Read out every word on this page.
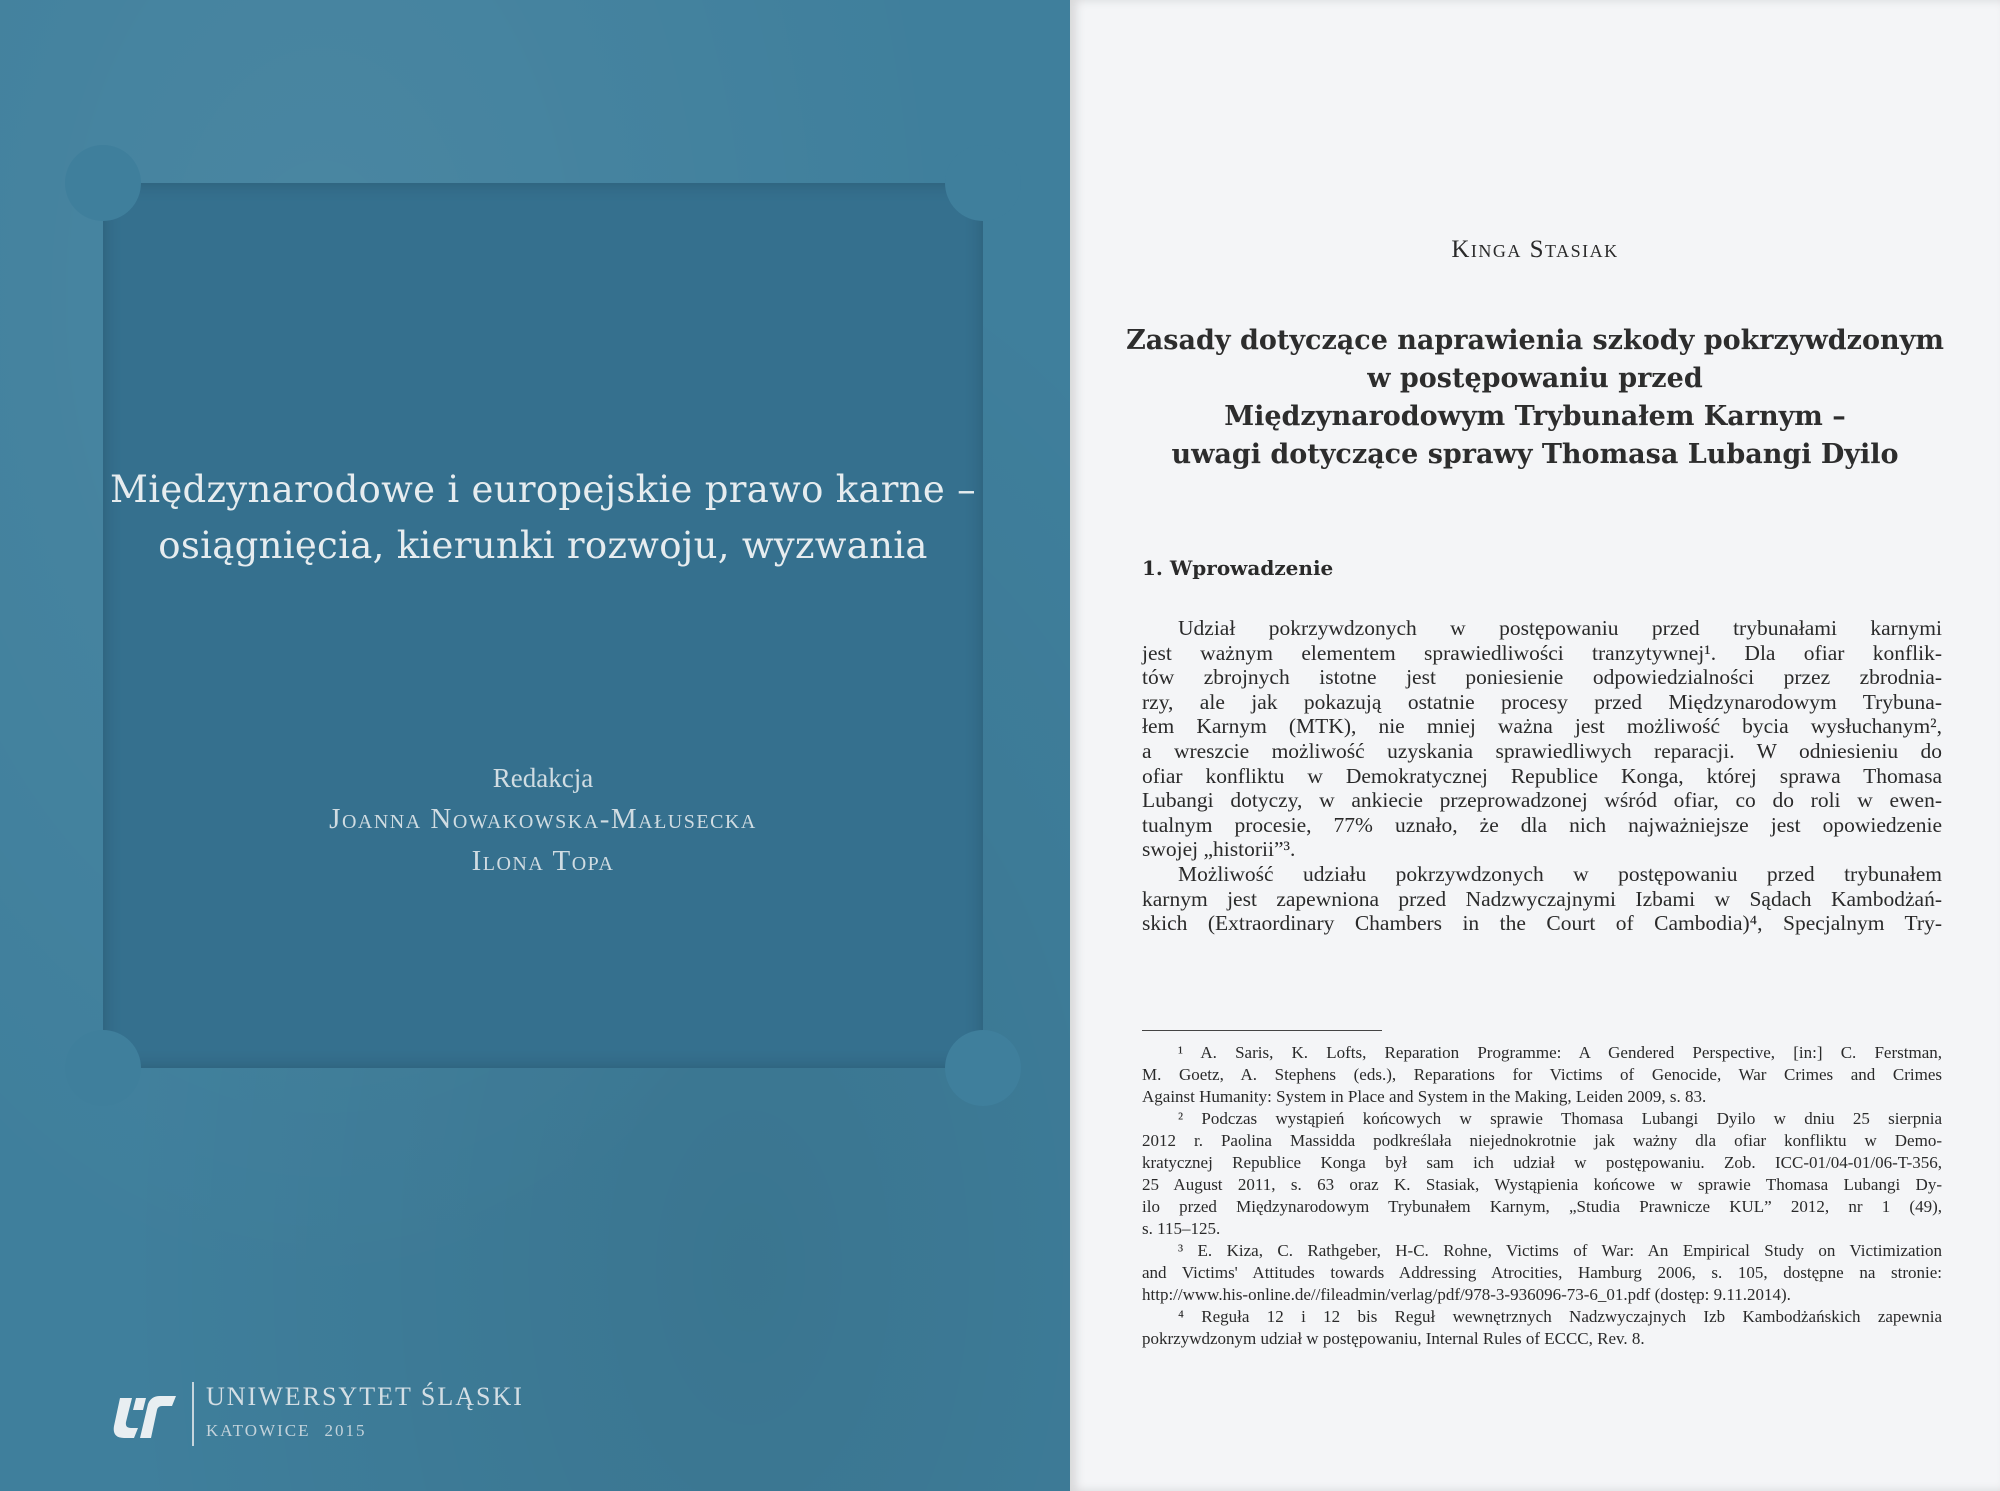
Międzynarodowe i europejskie prawo karne –
osiągnięcia, kierunki rozwoju, wyzwania
Redakcja
Joanna Nowakowska-Małusecka
Ilona Topa
UNIWERSYTET ŚLĄSKI
KATOWICE 2015
Kinga Stasiak
Zasady dotyczące naprawienia szkody pokrzywdzonym
w postępowaniu przed
Międzynarodowym Trybunałem Karnym –
uwagi dotyczące sprawy Thomasa Lubangi Dyilo
1. Wprowadzenie
Udział pokrzywdzonych w postępowaniu przed trybunałami karnymi
jest ważnym elementem sprawiedliwości tranzytywnej¹. Dla ofiar konflik-
tów zbrojnych istotne jest poniesienie odpowiedzialności przez zbrodnia-
rzy, ale jak pokazują ostatnie procesy przed Międzynarodowym Trybuna-
łem Karnym (MTK), nie mniej ważna jest możliwość bycia wysłuchanym²,
a wreszcie możliwość uzyskania sprawiedliwych reparacji. W odniesieniu do
ofiar konfliktu w Demokratycznej Republice Konga, której sprawa Thomasa
Lubangi dotyczy, w ankiecie przeprowadzonej wśród ofiar, co do roli w ewen-
tualnym procesie, 77% uznało, że dla nich najważniejsze jest opowiedzenie
swojej „historii”³.
Możliwość udziału pokrzywdzonych w postępowaniu przed trybunałem
karnym jest zapewniona przed Nadzwyczajnymi Izbami w Sądach Kambodżań-
skich (Extraordinary Chambers in the Court of Cambodia)⁴, Specjalnym Try-
¹ A. Saris, K. Lofts, Reparation Programme: A Gendered Perspective, [in:] C. Ferstman,
M. Goetz, A. Stephens (eds.), Reparations for Victims of Genocide, War Crimes and Crimes
Against Humanity: System in Place and System in the Making, Leiden 2009, s. 83.
² Podczas wystąpień końcowych w sprawie Thomasa Lubangi Dyilo w dniu 25 sierpnia
2012 r. Paolina Massidda podkreślała niejednokrotnie jak ważny dla ofiar konfliktu w Demo-
kratycznej Republice Konga był sam ich udział w postępowaniu. Zob. ICC-01/04-01/06-T-356,
25 August 2011, s. 63 oraz K. Stasiak, Wystąpienia końcowe w sprawie Thomasa Lubangi Dy-
ilo przed Międzynarodowym Trybunałem Karnym, „Studia Prawnicze KUL” 2012, nr 1 (49),
s. 115–125.
³ E. Kiza, C. Rathgeber, H-C. Rohne, Victims of War: An Empirical Study on Victimization
and Victims' Attitudes towards Addressing Atrocities, Hamburg 2006, s. 105, dostępne na stronie:
http://www.his-online.de//fileadmin/verlag/pdf/978-3-936096-73-6_01.pdf (dostęp: 9.11.2014).
⁴ Reguła 12 i 12 bis Reguł wewnętrznych Nadzwyczajnych Izb Kambodżańskich zapewnia
pokrzywdzonym udział w postępowaniu, Internal Rules of ECCC, Rev. 8.
